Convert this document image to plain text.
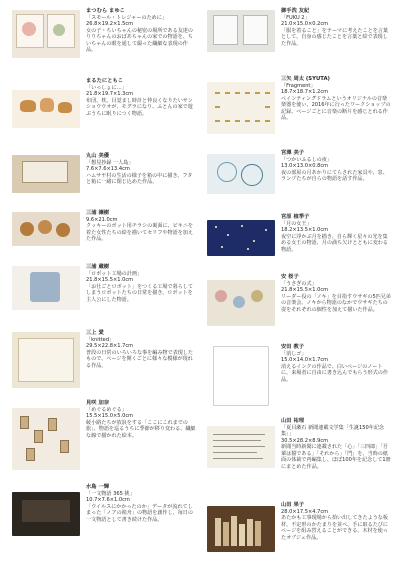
まつむら まゆこ
「スモール・トレジャーのために」
26.8×19.2×1.5cm
女の子・ちいちゃんの秘密の場所である友達のりりちゃんのおばあちゃんの家での物語を、ちいちゃんの眼を通して綴った繊細な表現の作品。
まるたにともこ
「いっしょに…」
21.8×19.7×1.3cm
布団、枕、目覚まし時計と仲良くなりたいサンショウウオが、モグラになり、ふとんの家で遊ぶうちに眠りにつく物語。
丸山 美優
「想見抄録 一人島」
7.6×7.6×13.4cm
ハムサヤ村の生活の様子を箱の中に描き、フタと箱に一緒に閉じ込めた作品。
三浦 譲樹
9.6×21.0cm
クッキーのポット用チラシの裏面に、ビキニを着た女性たちの絵を描いてセリフや物語を加えた作品。
三浦 蔵樹
「ロボット工場の計画」
21.8×15.5×1.0cm
「お仕ごとロボット」をつくる工場で暮らしてしまうロボットたちの日常を描き、ロボットを主人公にした物語。
三上 愛
「knitted」
29.5×22.8×1.7cm
普段の日常のいろいろな事を編み物で表現したもので、ページを開くごとに様々な模様が現れる作品。
見咲 加奈
「めぐるめぐる」
15.5×15.0×5.0cm
綾小路たちが放浪をする「ここにこれまでの旅」、物語を巡るうちに季節が移り変わる、繊細な線で描かれた絵本。
水島 一輝
「一文物語 365 挑」
10.7×7.6×1.0cm
「ウイルスにかかったのか」データが流れてしまった「ノアの箱舟」の物語を創作し、毎日の一文物語として書き続けた作品。
御手洗 友紀
「FUKU 2」
21.0×15.0×0.2cm
「服を着ること」をテーマに考えたことを言葉として、自身の感じたことを言葉と絵で表現した作品。
三矢 周太 (SYUTA)
「Fragment」
18.7×18.7×1.2cm
ペインティングドラムというオリジナルの音楽楽器を使い、2016年に行ったワークショップの記録、ページごとに音楽の断片を感じとれる作品。
宮澤 美子
「つかいふるしの夜」
13.0×13.0×0.8cm
夜の部屋の月あかりにてらされた家具や、窓、ランプたちが自らの物語を話す作品。
宮原 植季子
「月の女王」
18.2×13.5×1.0cm
夜空に浮かぶ月を描き、自ら輝く星々の光を集める女王の物語、月の満ち欠けとともに変わる物語。
安 桜子
「うさぎの式」
21.8×15.5×1.0cm
リーダー役の「ノキ」を目指すウサギの5匹兄弟の音楽会、ノキから物語のなかでウサギたちの姿をそれぞれの個性を加えて描いた作品。
安田 教子
「消しゴ」
15.0×14.0×1.7cm
消えるインクの作品で、白いページのノートに、来場者に自由に書き込んでもらう形式の作品。
山田 祐理
「夏目漱石 新聞連載文学集「生誕150年記念集」」
30.5×28.2×8.9cm
新聞当時新聞に連載された「心」「三四郎」「吾輩は猫である」「それから」「門」を、当時の紙面の体裁で再編集し、ほぼ100年を記念して1冊にまとめた作品。
山田 果子
28.0×17.5×4.7cm
あたかも工事現場から拾い出してきたような板材、不定形のかたまりを並べ、手に取るたびにページを組み替えることができる、木材を使ったオブジェ作品。
